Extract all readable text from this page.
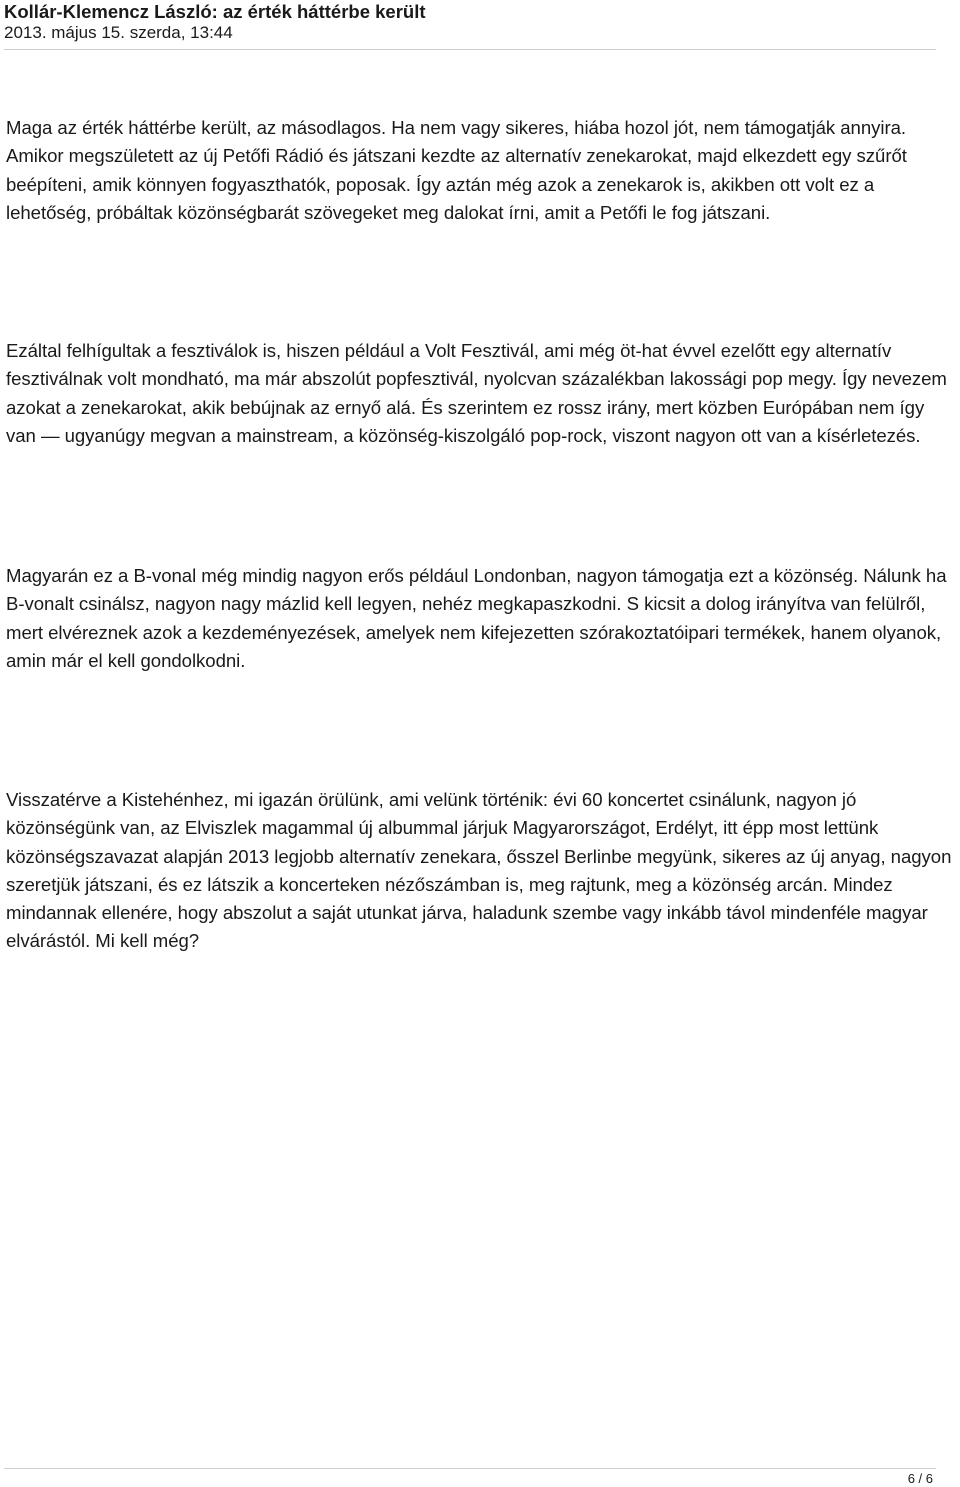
Kollár-Klemencz László: az érték háttérbe került

2013. május 15. szerda, 13:44

Maga az érték háttérbe került, az másodlagos. Ha nem vagy sikeres, hiába hozol jót, nem támogatják annyira. Amikor megszületett az új Petőfi Rádió és játszani kezdte az alternatív zenekarokat, majd elkezdett egy szűrőt beépíteni, amik könnyen fogyaszthatók, poposak. Így aztán még azok a zenekarok is, akikben ott volt ez a lehetőség, próbáltak közönségbarát szövegeket meg dalokat írni, amit a Petőfi le fog játszani.

Ezáltal felhígultak a fesztiválok is, hiszen például a Volt Fesztivál, ami még öt-hat évvel ezelőtt egy alternatív fesztiválnak volt mondható, ma már abszolút popfesztivál, nyolcvan százalékban lakossági pop megy. Így nevezem azokat a zenekarokat, akik bebújnak az ernyő alá. És szerintem ez rossz irány, mert közben Európában nem így van — ugyanúgy megvan a mainstream, a közönség-kiszolgáló pop-rock, viszont nagyon ott van a kísérletezés.

Magyarán ez a B-vonal még mindig nagyon erős például Londonban, nagyon támogatja ezt a közönség. Nálunk ha B-vonalt csinálsz, nagyon nagy mázlid kell legyen, nehéz megkapaszkodni. S kicsit a dolog irányítva van felülről, mert elvéreznek azok a kezdeményezések, amelyek nem kifejezetten szórakoztatóipari termékek, hanem olyanok, amin már el kell gondolkodni.

Visszatérve a Kistehénhez, mi igazán örülünk, ami velünk történik: évi 60 koncertet csinálunk, nagyon jó közönségünk van, az Elviszlek magammal új albummal járjuk Magyarországot, Erdélyt, itt épp most lettünk közönségszavazat alapján 2013 legjobb alternatív zenekara, ősszel Berlinbe megyünk, sikeres az új anyag, nagyon szeretjük játszani, és ez látszik a koncerteken nézőszámban is, meg rajtunk, meg a közönség arcán. Mindez mindannak ellenére, hogy abszolut a saját utunkat járva, haladunk szembe vagy inkább távol mindenféle magyar elvárástól. Mi kell még?

6 / 6
